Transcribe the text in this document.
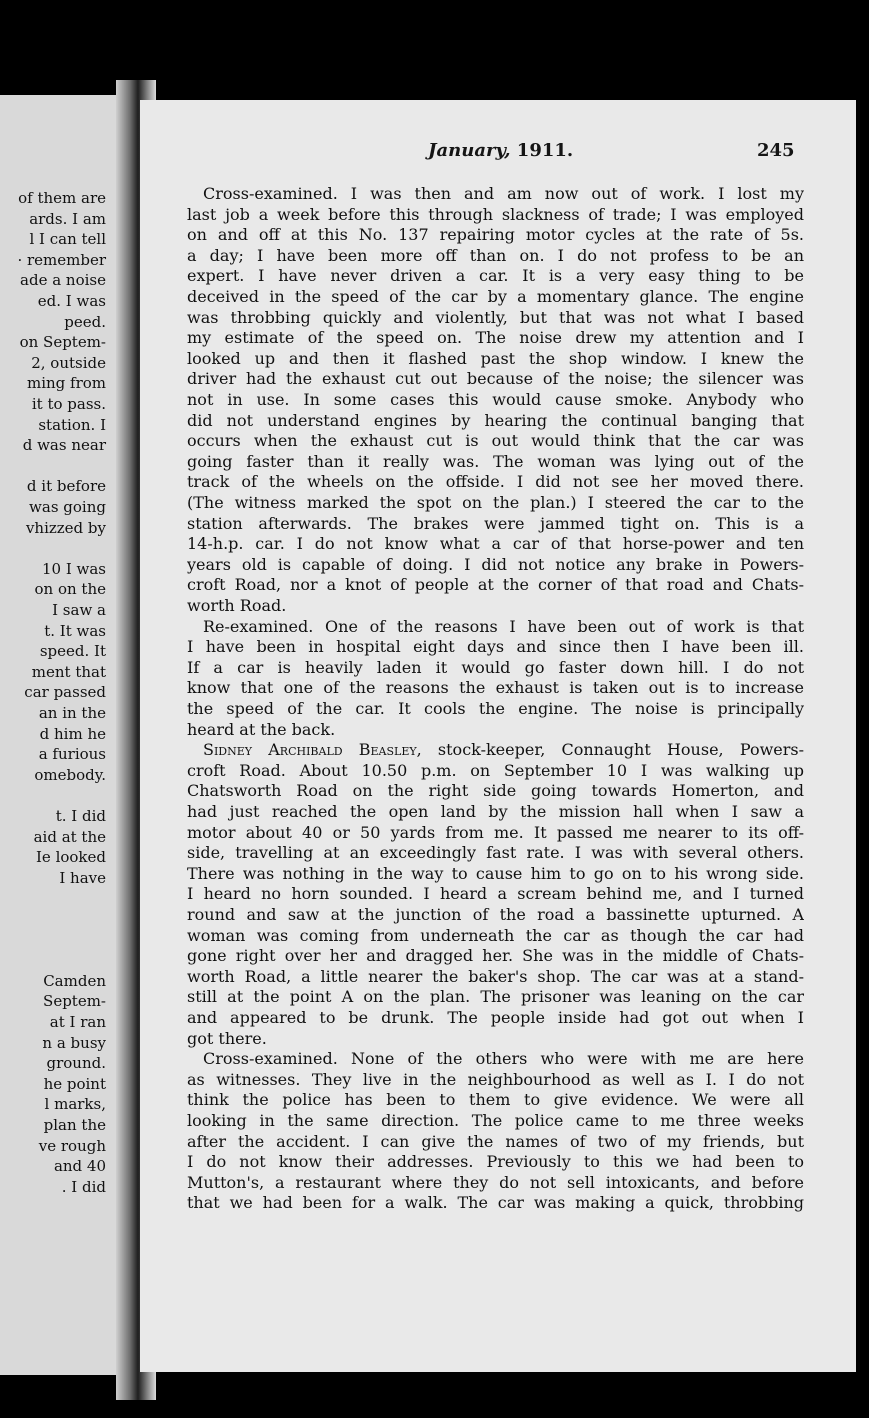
of them are
ards. I am
l I can tell
· remember
ade a noise
ed. I was
peed.
on Septem-
2, outside
ming from
it to pass.
station. I
d was near
d it before
was going
vhizzed by
10 I was
on on the
I saw a
t. It was
speed. It
ment that
car passed
an in the
d him he
a furious
omebody.
t. I did
aid at the
Ie looked
I have
Camden
Septem-
at I ran
n a busy
ground.
he point
l marks,
plan the
ve rough
and 40
. I did
January, 1911.	245
Cross-examined. I was then and am now out of work. I lost my
last job a week before this through slackness of trade; I was employed
on and off at this No. 137 repairing motor cycles at the rate of 5s.
a day; I have been more off than on. I do not profess to be an
expert. I have never driven a car. It is a very easy thing to be
deceived in the speed of the car by a momentary glance. The engine
was throbbing quickly and violently, but that was not what I based
my estimate of the speed on. The noise drew my attention and I
looked up and then it flashed past the shop window. I knew the
driver had the exhaust cut out because of the noise; the silencer was
not in use. In some cases this would cause smoke. Anybody who
did not understand engines by hearing the continual banging that
occurs when the exhaust cut is out would think that the car was
going faster than it really was. The woman was lying out of the
track of the wheels on the offside. I did not see her moved there.
(The witness marked the spot on the plan.) I steered the car to the
station afterwards. The brakes were jammed tight on. This is a
14-h.p. car. I do not know what a car of that horse-power and ten
years old is capable of doing. I did not notice any brake in Powers-
croft Road, nor a knot of people at the corner of that road and Chats-
worth Road.
Re-examined. One of the reasons I have been out of work is that
I have been in hospital eight days and since then I have been ill.
If a car is heavily laden it would go faster down hill. I do not
know that one of the reasons the exhaust is taken out is to increase
the speed of the car. It cools the engine. The noise is principally
heard at the back.
Sidney Archibald Beasley, stock-keeper, Connaught House, Powers-
croft Road. About 10.50 p.m. on September 10 I was walking up
Chatsworth Road on the right side going towards Homerton, and
had just reached the open land by the mission hall when I saw a
motor about 40 or 50 yards from me. It passed me nearer to its off-
side, travelling at an exceedingly fast rate. I was with several others.
There was nothing in the way to cause him to go on to his wrong side.
I heard no horn sounded. I heard a scream behind me, and I turned
round and saw at the junction of the road a bassinette upturned. A
woman was coming from underneath the car as though the car had
gone right over her and dragged her. She was in the middle of Chats-
worth Road, a little nearer the baker's shop. The car was at a stand-
still at the point A on the plan. The prisoner was leaning on the car
and appeared to be drunk. The people inside had got out when I
got there.
Cross-examined. None of the others who were with me are here
as witnesses. They live in the neighbourhood as well as I. I do not
think the police has been to them to give evidence. We were all
looking in the same direction. The police came to me three weeks
after the accident. I can give the names of two of my friends, but
I do not know their addresses. Previously to this we had been to
Mutton's, a restaurant where they do not sell intoxicants, and before
that we had been for a walk. The car was making a quick, throbbing
